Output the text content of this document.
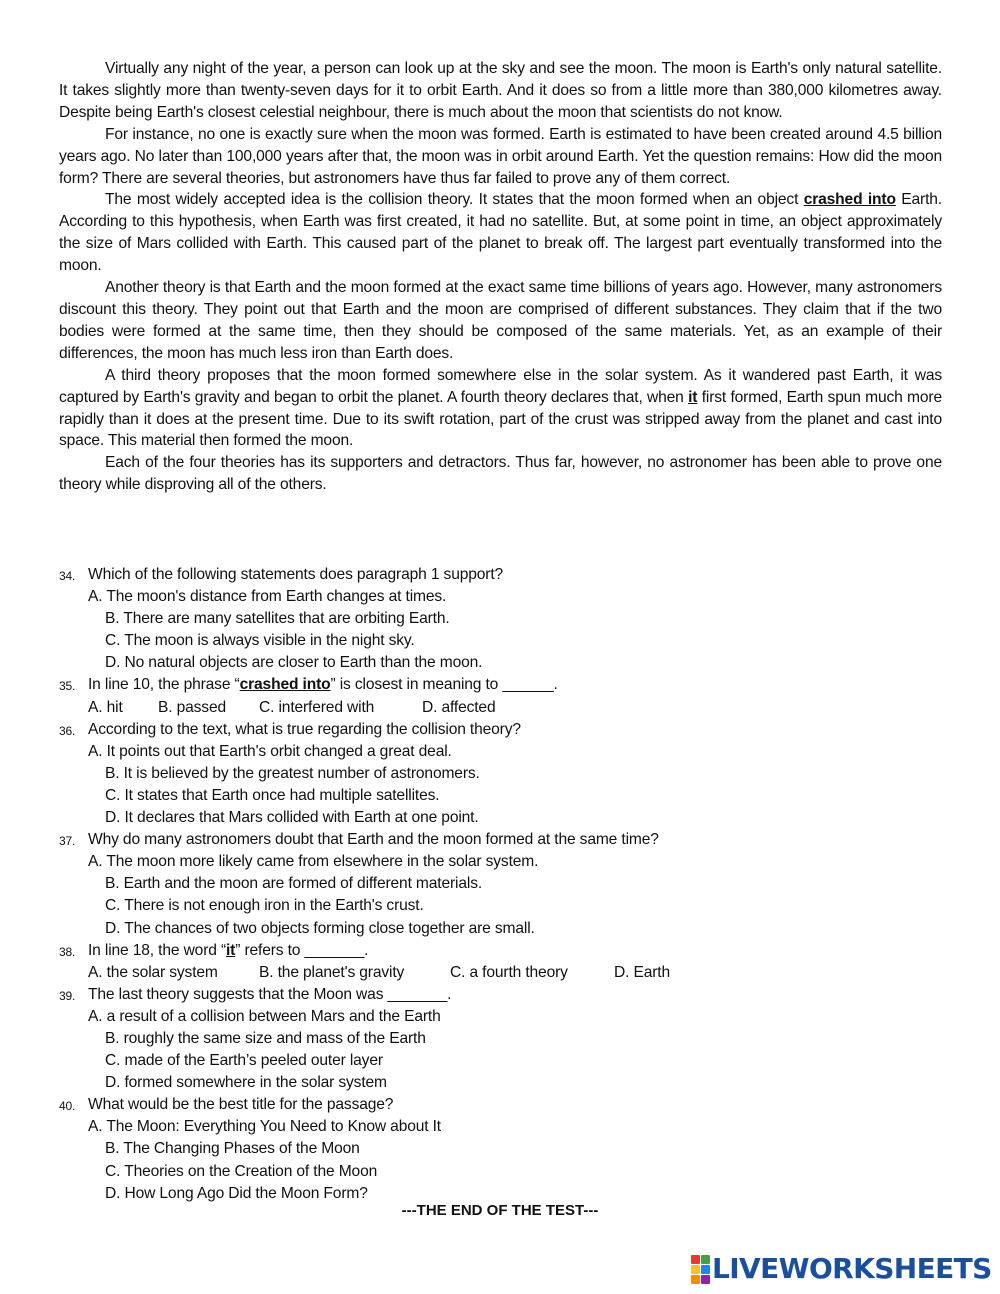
Virtually any night of the year, a person can look up at the sky and see the moon. The moon is Earth's only natural satellite. It takes slightly more than twenty-seven days for it to orbit Earth. And it does so from a little more than 380,000 kilometres away. Despite being Earth's closest celestial neighbour, there is much about the moon that scientists do not know.

For instance, no one is exactly sure when the moon was formed. Earth is estimated to have been created around 4.5 billion years ago. No later than 100,000 years after that, the moon was in orbit around Earth. Yet the question remains: How did the moon form? There are several theories, but astronomers have thus far failed to prove any of them correct.

The most widely accepted idea is the collision theory. It states that the moon formed when an object crashed into Earth. According to this hypothesis, when Earth was first created, it had no satellite. But, at some point in time, an object approximately the size of Mars collided with Earth. This caused part of the planet to break off. The largest part eventually transformed into the moon.

Another theory is that Earth and the moon formed at the exact same time billions of years ago. However, many astronomers discount this theory. They point out that Earth and the moon are comprised of different substances. They claim that if the two bodies were formed at the same time, then they should be composed of the same materials. Yet, as an example of their differences, the moon has much less iron than Earth does.

A third theory proposes that the moon formed somewhere else in the solar system. As it wandered past Earth, it was captured by Earth's gravity and began to orbit the planet. A fourth theory declares that, when it first formed, Earth spun much more rapidly than it does at the present time. Due to its swift rotation, part of the crust was stripped away from the planet and cast into space. This material then formed the moon.

Each of the four theories has its supporters and detractors. Thus far, however, no astronomer has been able to prove one theory while disproving all of the others.

34. Which of the following statements does paragraph 1 support?
A. The moon's distance from Earth changes at times.
B. There are many satellites that are orbiting Earth.
C. The moon is always visible in the night sky.
D. No natural objects are closer to Earth than the moon.
35. In line 10, the phrase “crashed into” is closest in meaning to ______.
A. hit	B. passed	C. interfered with	D. affected
36. According to the text, what is true regarding the collision theory?
A. It points out that Earth's orbit changed a great deal.
B. It is believed by the greatest number of astronomers.
C. It states that Earth once had multiple satellites.
D. It declares that Mars collided with Earth at one point.
37. Why do many astronomers doubt that Earth and the moon formed at the same time?
A. The moon more likely came from elsewhere in the solar system.
B. Earth and the moon are formed of different materials.
C. There is not enough iron in the Earth's crust.
D. The chances of two objects forming close together are small.
38. In line 18, the word “it” refers to _______.
A. the solar system	B. the planet's gravity	C. a fourth theory	D. Earth
39. The last theory suggests that the Moon was _______.
A. a result of a collision between Mars and the Earth
B. roughly the same size and mass of the Earth
C. made of the Earth’s peeled outer layer
D. formed somewhere in the solar system
40. What would be the best title for the passage?
A. The Moon: Everything You Need to Know about It
B. The Changing Phases of the Moon
C. Theories on the Creation of the Moon
D. How Long Ago Did the Moon Form?
---THE END OF THE TEST---
LIVEWORKSHEETS
